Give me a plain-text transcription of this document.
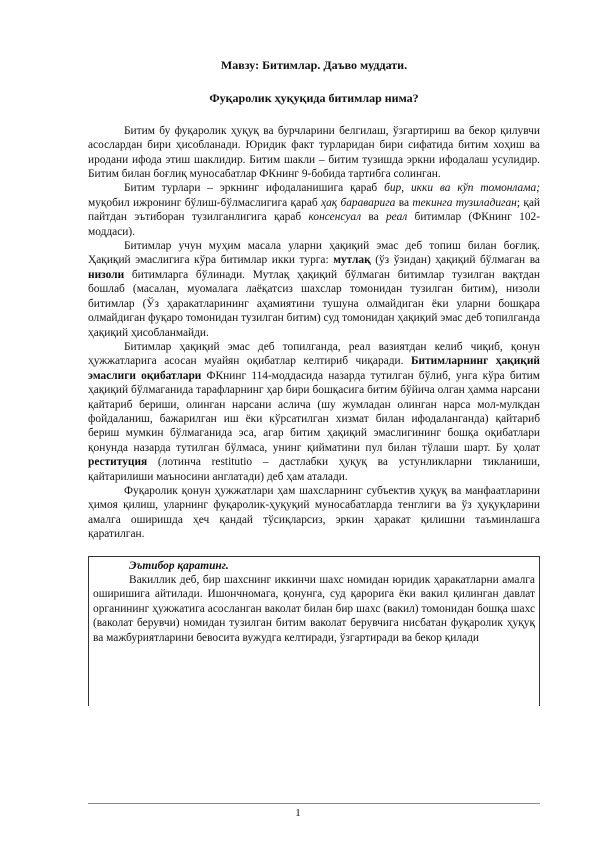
Мавзу: Битимлар. Даъво муддати.

Фуқаролик ҳуқуқида битимлар нима?

Битим бу фуқаролик ҳуқуқ ва бурчларини белгилаш, ўзгартириш ва бекор қилувчи асослардан бири ҳисобланади. Юридик факт турларидан бири сифатида битим хоҳиш ва иродани ифода этиш шаклидир. Битим шакли – битим тузишда эркни ифодалаш усулидир. Битим билан боғлиқ муносабатлар ФКнинг 9-бобида тартибга солинган.

Битим турлари – эркнинг ифодаланишига қараб бир, икки ва кўп томонлама; муқобил ижронинг бўлиш-бўлмаслигига қараб ҳақ бараварига ва текинга тузиладиган; қай пайтдан эътиборан тузилганлигига қараб консенсуал ва реал битимлар (ФКнинг 102-моддаси).

Битимлар учун муҳим масала уларни ҳақиқий эмас деб топиш билан боғлиқ. Ҳақиқий эмаслигига кўра битимлар икки турга: мутлақ (ўз ўзидан) ҳақиқий бўлмаган ва низоли битимларга бўлинади. Мутлақ ҳақиқий бўлмаган битимлар тузилган вақтдан бошлаб (масалан, муомалага лаёқатсиз шахслар томонидан тузилган битим), низоли битимлар (Ўз ҳаракатларининг аҳамиятини тушуна олмайдиган ёки уларни бошқара олмайдиган фуқаро томонидан тузилган битим) суд томонидан ҳақиқий эмас деб топилганда ҳақиқий ҳисобланмайди.

Битимлар ҳақиқий эмас деб топилганда, реал вазиятдан келиб чиқиб, қонун ҳужжатларига асосан муайян оқибатлар келтириб чиқаради. Битимларнинг ҳақиқий эмаслиги оқибатлари ФКнинг 114-моддасида назарда тутилган бўлиб, унга кўра битим ҳақиқий бўлмаганида тарафларнинг ҳар бири бошқасига битим бўйича олган ҳамма нарсани қайтариб бериши, олинган нарсани аслича (шу жумладан олинган нарса мол-мулкдан фойдаланиш, бажарилган иш ёки кўрсатилган хизмат билан ифодаланганда) қайтариб бериш мумкин бўлмаганида эса, агар битим ҳақиқий эмаслигининг бошқа оқибатлари қонунда назарда тутилган бўлмаса, унинг қийматини пул билан тўлаши шарт. Бу ҳолат реституция (лотинча restitutio – дастлабки ҳуқуқ ва устунликларни тикланиши, қайтарилиши маъносини англатади) деб ҳам аталади.

Фуқаролик қонун ҳужжатлари ҳам шахсларнинг субъектив ҳуқуқ ва манфаатларини ҳимоя қилиш, уларнинг фуқаролик-ҳуқуқий муносабатларда тенглиги ва ўз ҳуқуқларини амалга оширишда ҳеч қандай тўсиқларсиз, эркин ҳаракат қилишни таъминлашга қаратилган.

Эътибор қаратинг.

Вакиллик деб, бир шахснинг иккинчи шахс номидан юридик ҳаракатларни амалга оширишига айтилади. Ишончномага, қонунга, суд қарорига ёки вакил қилинган давлат органининг ҳужжатига асосланган ваколат билан бир шахс (вакил) томонидан бошқа шахс (ваколат берувчи) номидан тузилган битим ваколат берувчига нисбатан фуқаролик ҳуқуқ ва мажбуриятларини бевосита вужудга келтиради, ўзгартиради ва бекор қилади

1
